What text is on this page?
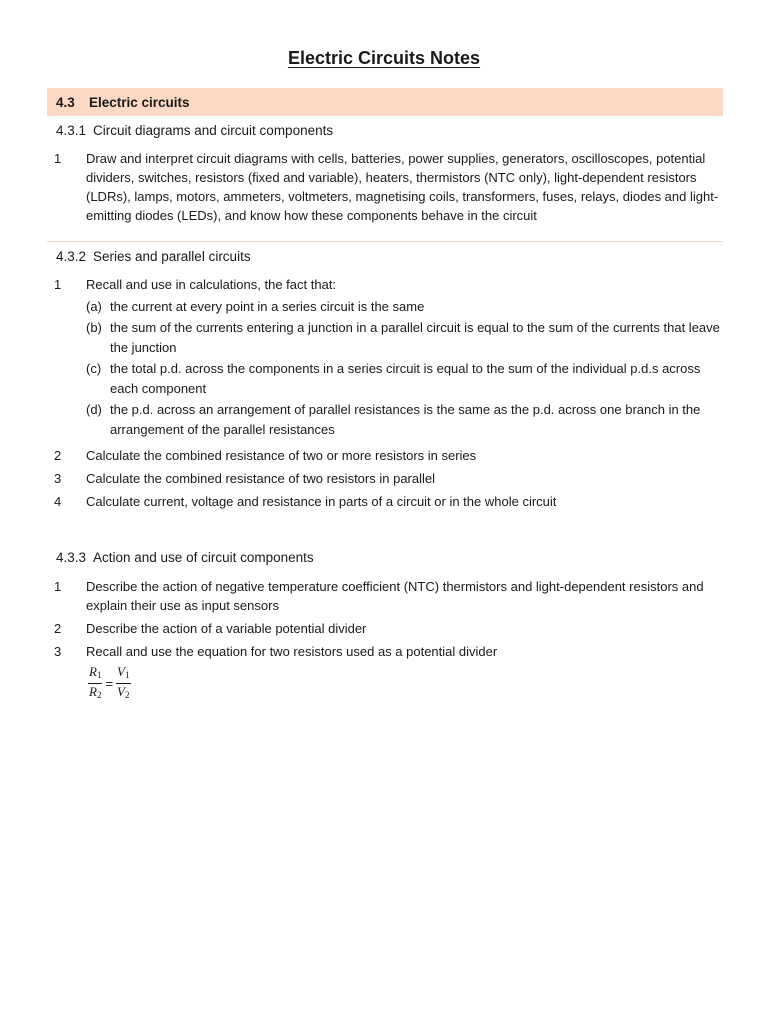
Electric Circuits Notes
4.3	Electric circuits
4.3.1 Circuit diagrams and circuit components
1	Draw and interpret circuit diagrams with cells, batteries, power supplies, generators, oscilloscopes, potential dividers, switches, resistors (fixed and variable), heaters, thermistors (NTC only), light-dependent resistors (LDRs), lamps, motors, ammeters, voltmeters, magnetising coils, transformers, fuses, relays, diodes and light-emitting diodes (LEDs), and know how these components behave in the circuit
4.3.2 Series and parallel circuits
1	Recall and use in calculations, the fact that:
(a) the current at every point in a series circuit is the same
(b) the sum of the currents entering a junction in a parallel circuit is equal to the sum of the currents that leave the junction
(c) the total p.d. across the components in a series circuit is equal to the sum of the individual p.d.s across each component
(d) the p.d. across an arrangement of parallel resistances is the same as the p.d. across one branch in the arrangement of the parallel resistances
2	Calculate the combined resistance of two or more resistors in series
3	Calculate the combined resistance of two resistors in parallel
4	Calculate current, voltage and resistance in parts of a circuit or in the whole circuit
4.3.3 Action and use of circuit components
1	Describe the action of negative temperature coefficient (NTC) thermistors and light-dependent resistors and explain their use as input sensors
2	Describe the action of a variable potential divider
3	Recall and use the equation for two resistors used as a potential divider
$\frac{R_1}{R_2} = \frac{V_1}{V_2}$
